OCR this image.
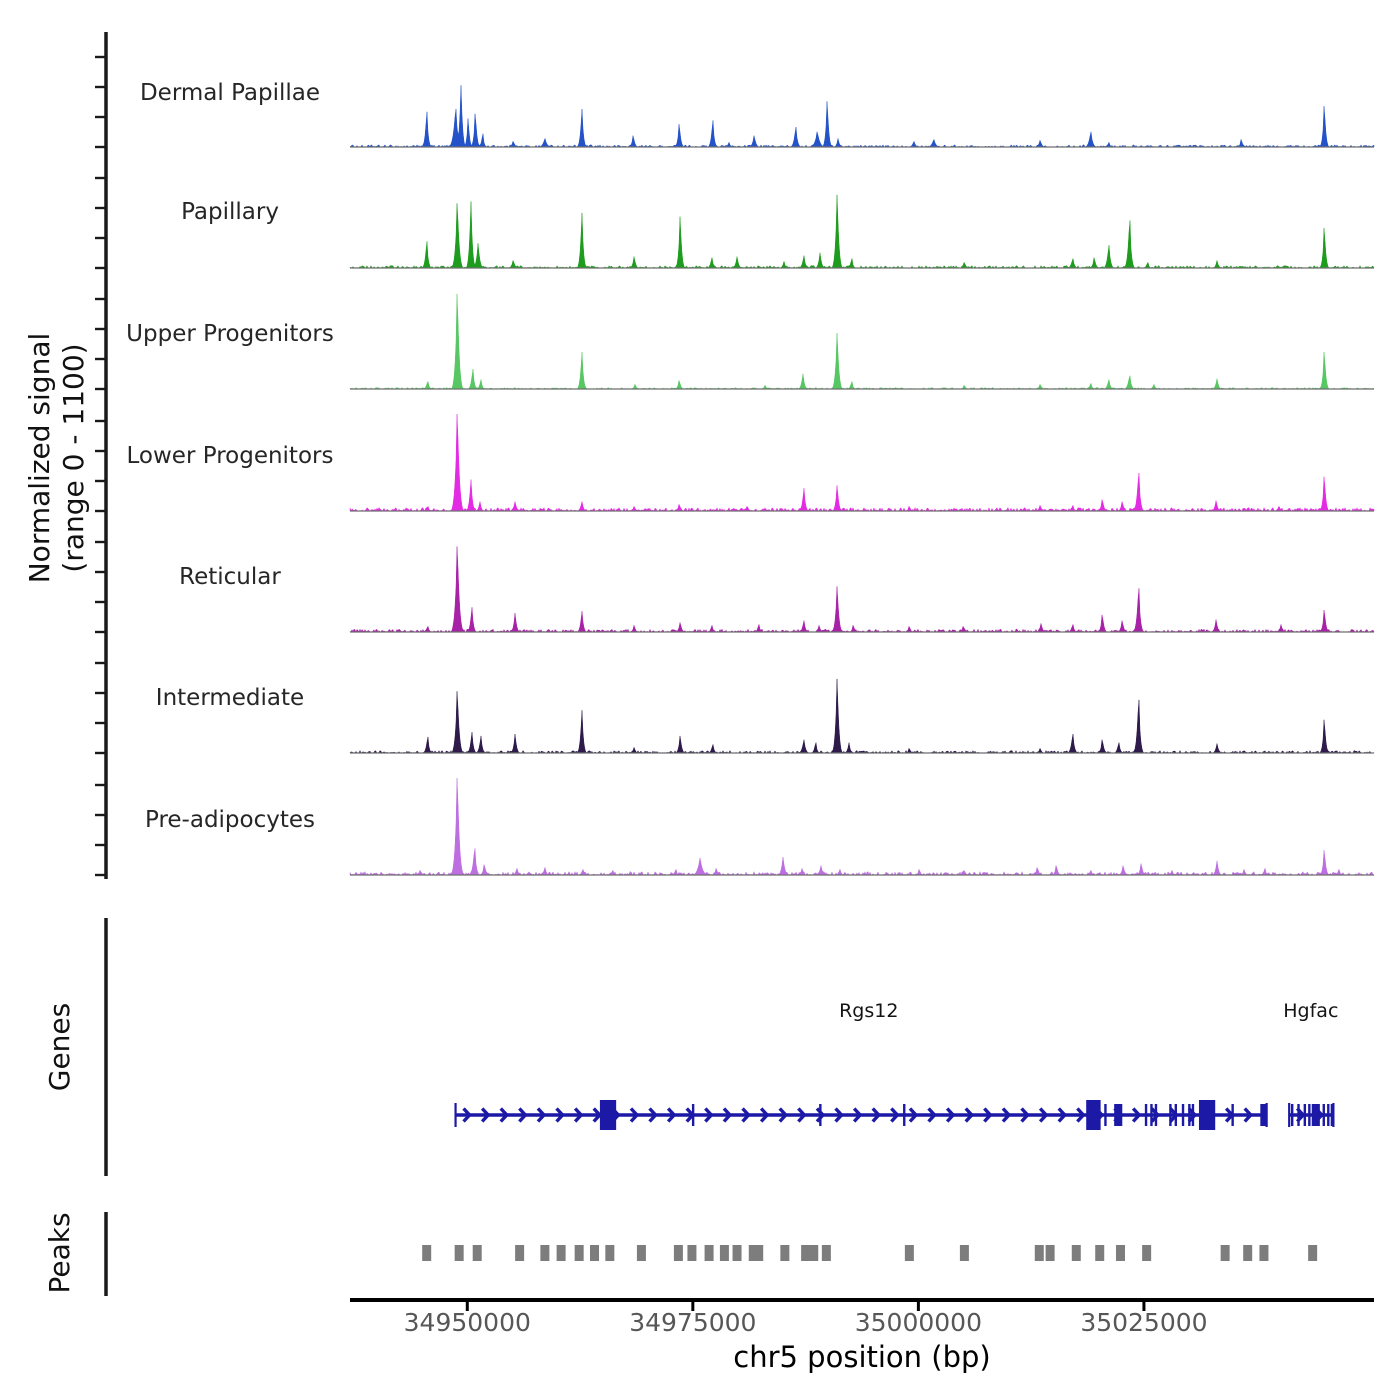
Normalized signal (range 0 - 1100)
Dermal Papillae
Papillary
Upper Progenitors
Lower Progenitors
Reticular
Intermediate
Pre-adipocytes
Genes
Peaks
Rgs12	Hgfac
34950000	34975000	35000000	35025000
chr5 position (bp)
